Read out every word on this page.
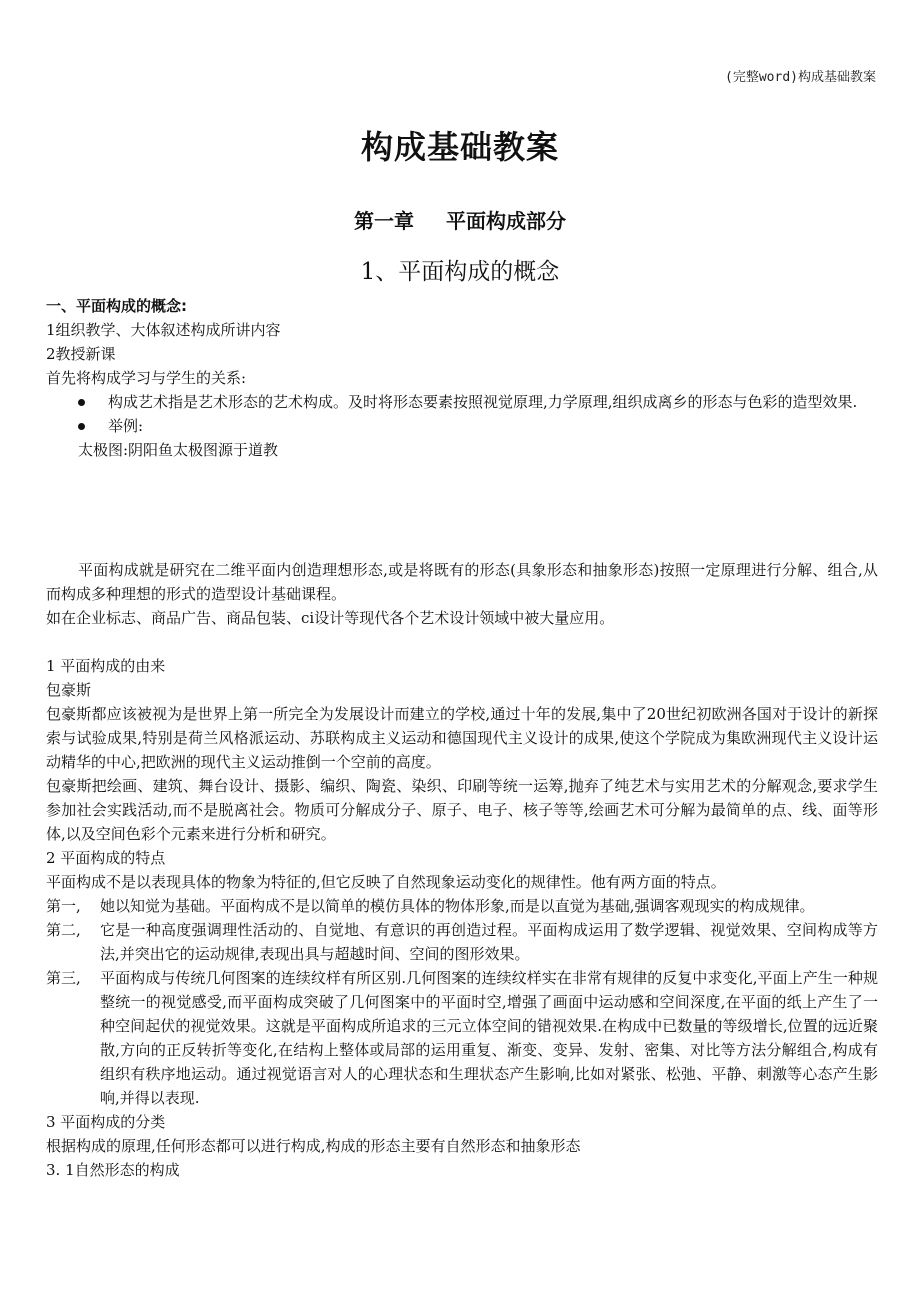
(完整word)构成基础教案
构成基础教案
第一章 平面构成部分
1、平面构成的概念
一、平面构成的概念:
1组织教学、大体叙述构成所讲内容
2教授新课
首先将构成学习与学生的关系:
构成艺术指是艺术形态的艺术构成。及时将形态要素按照视觉原理,力学原理,组织成离乡的形态与色彩的造型效果.
举例:
太极图:阴阳鱼太极图源于道教
平面构成就是研究在二维平面内创造理想形态,或是将既有的形态(具象形态和抽象形态)按照一定原理进行分解、组合,从而构成多种理想的形式的造型设计基础课程。
如在企业标志、商品广告、商品包装、ci设计等现代各个艺术设计领域中被大量应用。
1 平面构成的由来
包豪斯
包豪斯都应该被视为是世界上第一所完全为发展设计而建立的学校,通过十年的发展,集中了20世纪初欧洲各国对于设计的新探索与试验成果,特别是荷兰风格派运动、苏联构成主义运动和德国现代主义设计的成果,使这个学院成为集欧洲现代主义设计运动精华的中心,把欧洲的现代主义运动推倒一个空前的高度。
包豪斯把绘画、建筑、舞台设计、摄影、编织、陶瓷、染织、印刷等统一运筹,抛弃了纯艺术与实用艺术的分解观念,要求学生参加社会实践活动,而不是脱离社会。物质可分解成分子、原子、电子、核子等等,绘画艺术可分解为最简单的点、线、面等形体,以及空间色彩个元素来进行分析和研究。
2 平面构成的特点
平面构成不是以表现具体的物象为特征的,但它反映了自然现象运动变化的规律性。他有两方面的特点。
第一, 她以知觉为基础。平面构成不是以简单的模仿具体的物体形象,而是以直觉为基础,强调客观现实的构成规律。
第二, 它是一种高度强调理性活动的、自觉地、有意识的再创造过程。平面构成运用了数学逻辑、视觉效果、空间构成等方法,并突出它的运动规律,表现出具与超越时间、空间的图形效果。
第三, 平面构成与传统几何图案的连续纹样有所区别.几何图案的连续纹样实在非常有规律的反复中求变化,平面上产生一种规整统一的视觉感受,而平面构成突破了几何图案中的平面时空,增强了画面中运动感和空间深度,在平面的纸上产生了一种空间起伏的视觉效果。这就是平面构成所追求的三元立体空间的错视效果.在构成中已数量的等级增长,位置的远近聚散,方向的正反转折等变化,在结构上整体或局部的运用重复、渐变、变异、发射、密集、对比等方法分解组合,构成有组织有秩序地运动。通过视觉语言对人的心理状态和生理状态产生影响,比如对紧张、松弛、平静、刺激等心态产生影响,并得以表现.
3 平面构成的分类
根据构成的原理,任何形态都可以进行构成,构成的形态主要有自然形态和抽象形态
3. 1自然形态的构成
